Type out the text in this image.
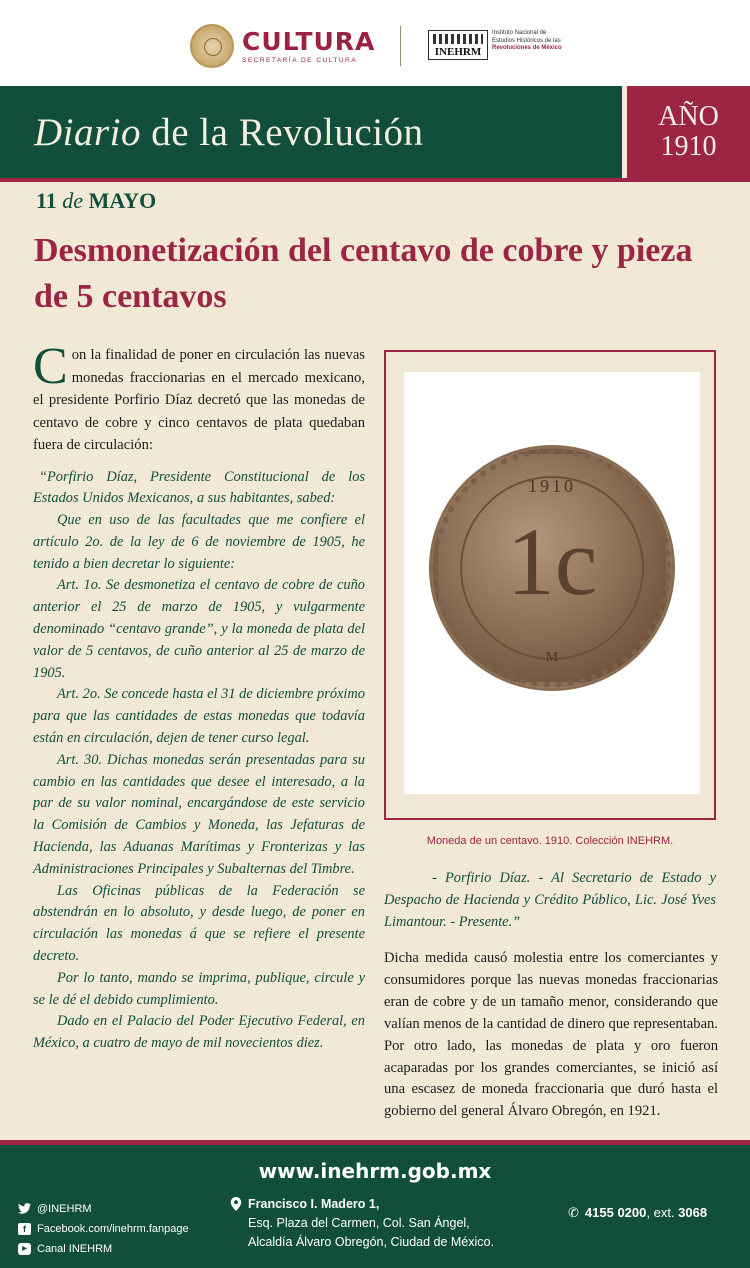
CULTURA
SECRETARÍA DE CULTURA
INEHRM
Instituto Nacional de
Estudios Históricos de las
Revoluciones de México
Diario de la Revolución	AÑO
1910
11 de MAYO
Desmonetización del centavo de cobre y pieza de 5 centavos

C on la finalidad de poner en circulación las nuevas monedas fraccionarias en el mercado mexicano, el presidente Porfirio Díaz decretó que las monedas de centavo de cobre y cinco centavos de plata quedaban fuera de circulación:

“Porfirio Díaz, Presidente Constitucional de los Estados Unidos Mexicanos, a sus habitantes, sabed:

Que en uso de las facultades que me confiere el artículo 2o. de la ley de 6 de noviembre de 1905, he tenido a bien decretar lo siguiente:

Art. 1o. Se desmonetiza el centavo de cobre de cuño anterior el 25 de marzo de 1905, y vulgarmente denominado “centavo grande”, y la moneda de plata del valor de 5 centavos, de cuño anterior al 25 de marzo de 1905.

Art. 2o. Se concede hasta el 31 de diciembre próximo para que las cantidades de estas monedas que todavía están en circulación, dejen de tener curso legal.

Art. 30. Dichas monedas serán presentadas para su cambio en las cantidades que desee el interesado, a la par de su valor nominal, encargándose de este servicio la Comisión de Cambios y Moneda, las Jefaturas de Hacienda, las Aduanas Marítimas y Fronterizas y las Administraciones Principales y Subalternas del Timbre.

Las Oficinas públicas de la Federación se abstendrán en lo absoluto, y desde luego, de poner en circulación las monedas á que se refiere el presente decreto.

Por lo tanto, mando se imprima, publique, circule y se le dé el debido cumplimiento.

Dado en el Palacio del Poder Ejecutivo Federal, en México, a cuatro de mayo de mil novecientos diez.

1910
1c
M
Moneda de un centavo. 1910. Colección INEHRM.

- Porfirio Díaz. - Al Secretario de Estado y Despacho de Hacienda y Crédito Público, Lic. José Yves Limantour. - Presente.”

Dicha medida causó molestia entre los comerciantes y consumidores porque las nuevas monedas fraccionarias eran de cobre y de un tamaño menor, considerando que valían menos de la cantidad de dinero que representaban. Por otro lado, las monedas de plata y oro fueron acaparadas por los grandes comerciantes, se inició así una escasez de moneda fraccionaria que duró hasta el gobierno del general Álvaro Obregón, en 1921.

www.inehrm.gob.mx
@INEHRM
f	Facebook.com/inehrm.fanpage
▶ Canal INEHRM
Francisco I. Madero 1,
Esq. Plaza del Carmen, Col. San Ángel,
Alcaldía Álvaro Obregón, Ciudad de México.
✆ 4155 0200, ext. 3068
